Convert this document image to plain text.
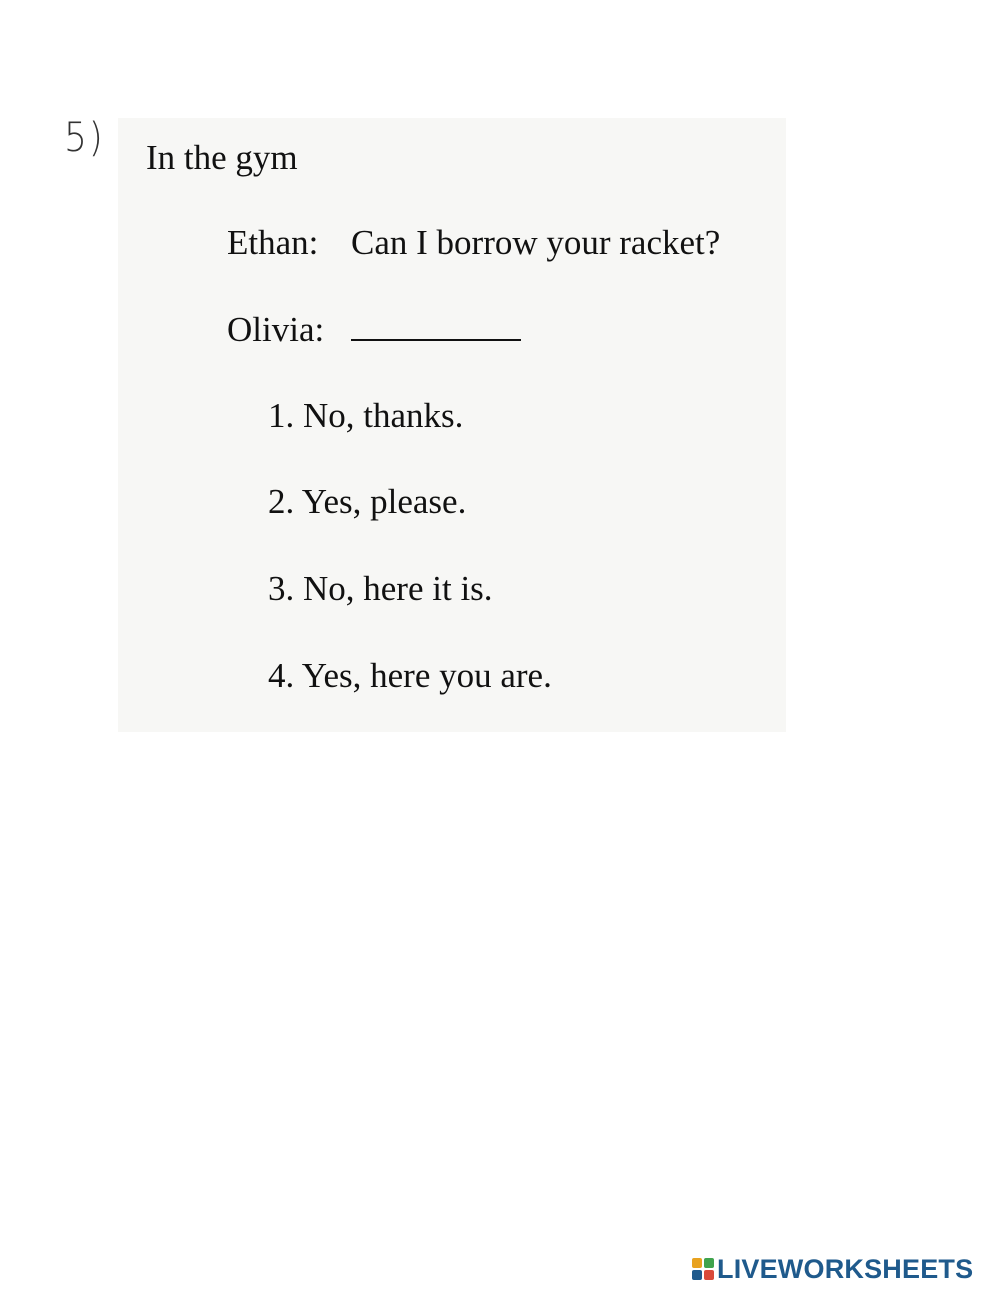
5) In the gym
Ethan: Can I borrow your racket?
Olivia:
1. No, thanks.
2. Yes, please.
3. No, here it is.
4. Yes, here you are.
LIVEWORKSHEETS
